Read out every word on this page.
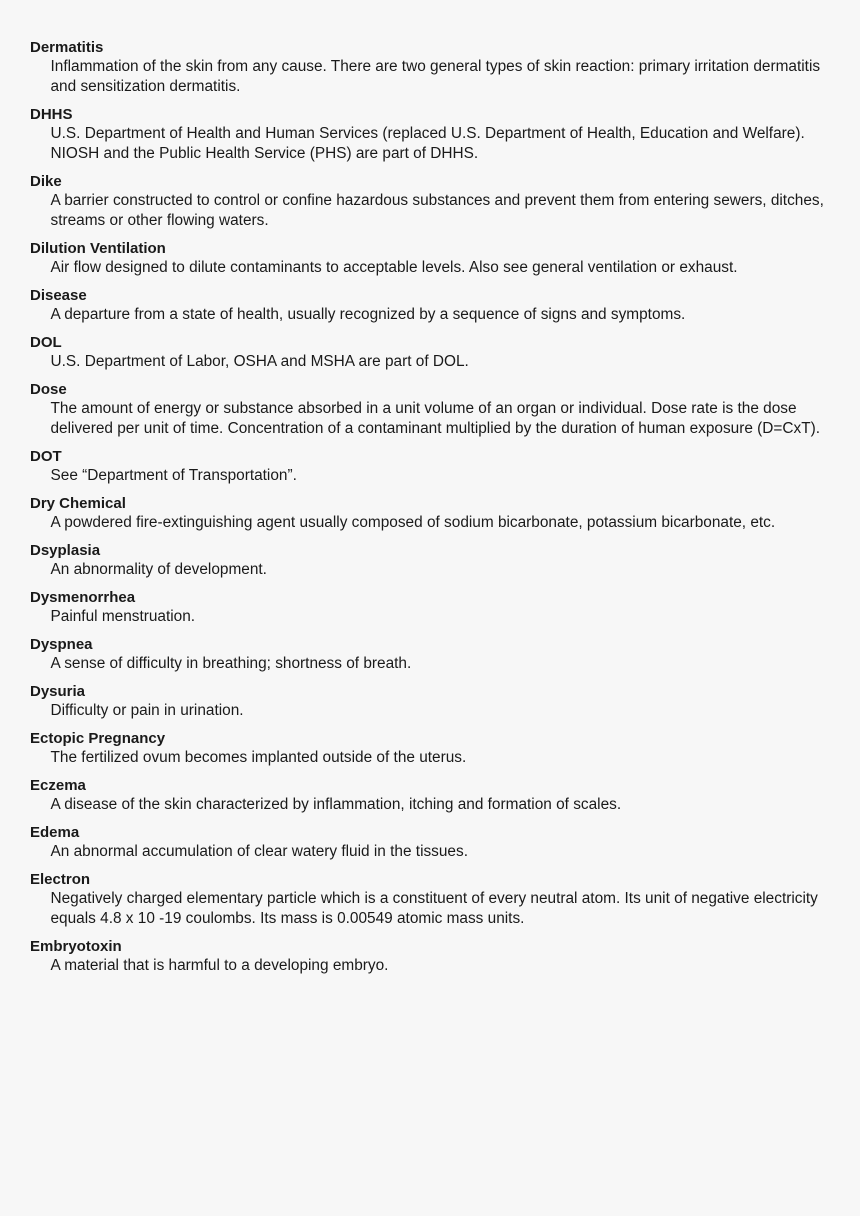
Dermatitis
Inflammation of the skin from any cause. There are two general types of skin reaction: primary irritation dermatitis and sensitization dermatitis.
DHHS
U.S. Department of Health and Human Services (replaced U.S. Department of Health, Education and Welfare). NIOSH and the Public Health Service (PHS) are part of DHHS.
Dike
A barrier constructed to control or confine hazardous substances and prevent them from entering sewers, ditches, streams or other flowing waters.
Dilution Ventilation
Air flow designed to dilute contaminants to acceptable levels. Also see general ventilation or exhaust.
Disease
A departure from a state of health, usually recognized by a sequence of signs and symptoms.
DOL
U.S. Department of Labor, OSHA and MSHA are part of DOL.
Dose
The amount of energy or substance absorbed in a unit volume of an organ or individual. Dose rate is the dose delivered per unit of time. Concentration of a contaminant multiplied by the duration of human exposure (D=CxT).
DOT
See “Department of Transportation”.
Dry Chemical
A powdered fire-extinguishing agent usually composed of sodium bicarbonate, potassium bicarbonate, etc.
Dsyplasia
An abnormality of development.
Dysmenorrhea
Painful menstruation.
Dyspnea
A sense of difficulty in breathing; shortness of breath.
Dysuria
Difficulty or pain in urination.
Ectopic Pregnancy
The fertilized ovum becomes implanted outside of the uterus.
Eczema
A disease of the skin characterized by inflammation, itching and formation of scales.
Edema
An abnormal accumulation of clear watery fluid in the tissues.
Electron
Negatively charged elementary particle which is a constituent of every neutral atom. Its unit of negative electricity equals 4.8 x 10 -19 coulombs. Its mass is 0.00549 atomic mass units.
Embryotoxin
A material that is harmful to a developing embryo.
